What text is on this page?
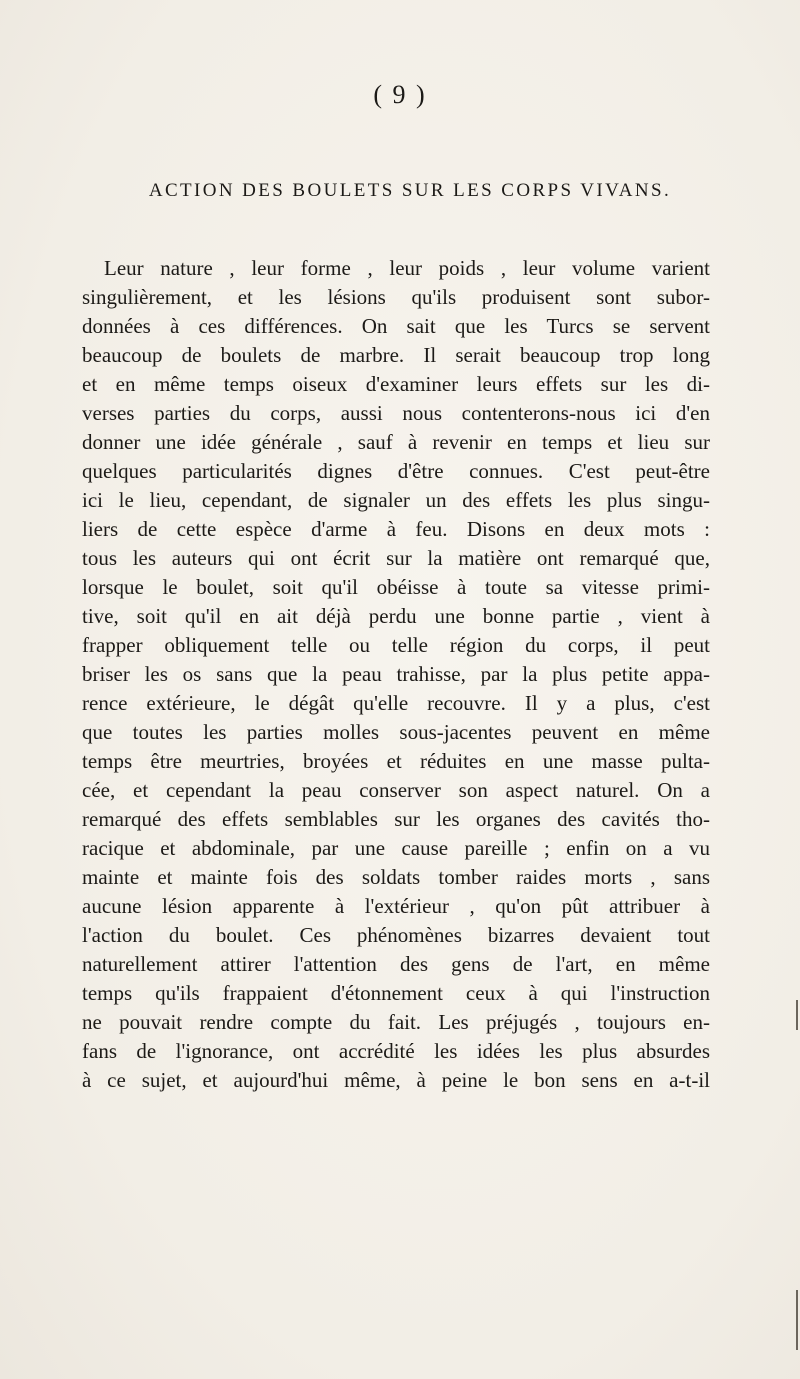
( 9 )
ACTION DES BOULETS SUR LES CORPS VIVANS.
Leur nature , leur forme , leur poids , leur volume varient
singulièrement, et les lésions qu'ils produisent sont subor-
données à ces différences. On sait que les Turcs se servent
beaucoup de boulets de marbre. Il serait beaucoup trop long
et en même temps oiseux d'examiner leurs effets sur les di-
verses parties du corps, aussi nous contenterons-nous ici d'en
donner une idée générale , sauf à revenir en temps et lieu sur
quelques particularités dignes d'être connues. C'est peut-être
ici le lieu, cependant, de signaler un des effets les plus singu-
liers de cette espèce d'arme à feu. Disons en deux mots :
tous les auteurs qui ont écrit sur la matière ont remarqué que,
lorsque le boulet, soit qu'il obéisse à toute sa vitesse primi-
tive, soit qu'il en ait déjà perdu une bonne partie , vient à
frapper obliquement telle ou telle région du corps, il peut
briser les os sans que la peau trahisse, par la plus petite appa-
rence extérieure, le dégât qu'elle recouvre. Il y a plus, c'est
que toutes les parties molles sous-jacentes peuvent en même
temps être meurtries, broyées et réduites en une masse pulta-
cée, et cependant la peau conserver son aspect naturel. On a
remarqué des effets semblables sur les organes des cavités tho-
racique et abdominale, par une cause pareille ; enfin on a vu
mainte et mainte fois des soldats tomber raides morts , sans
aucune lésion apparente à l'extérieur , qu'on pût attribuer à
l'action du boulet. Ces phénomènes bizarres devaient tout
naturellement attirer l'attention des gens de l'art, en même
temps qu'ils frappaient d'étonnement ceux à qui l'instruction
ne pouvait rendre compte du fait. Les préjugés , toujours en-
fans de l'ignorance, ont accrédité les idées les plus absurdes
à ce sujet, et aujourd'hui même, à peine le bon sens en a-t-il
